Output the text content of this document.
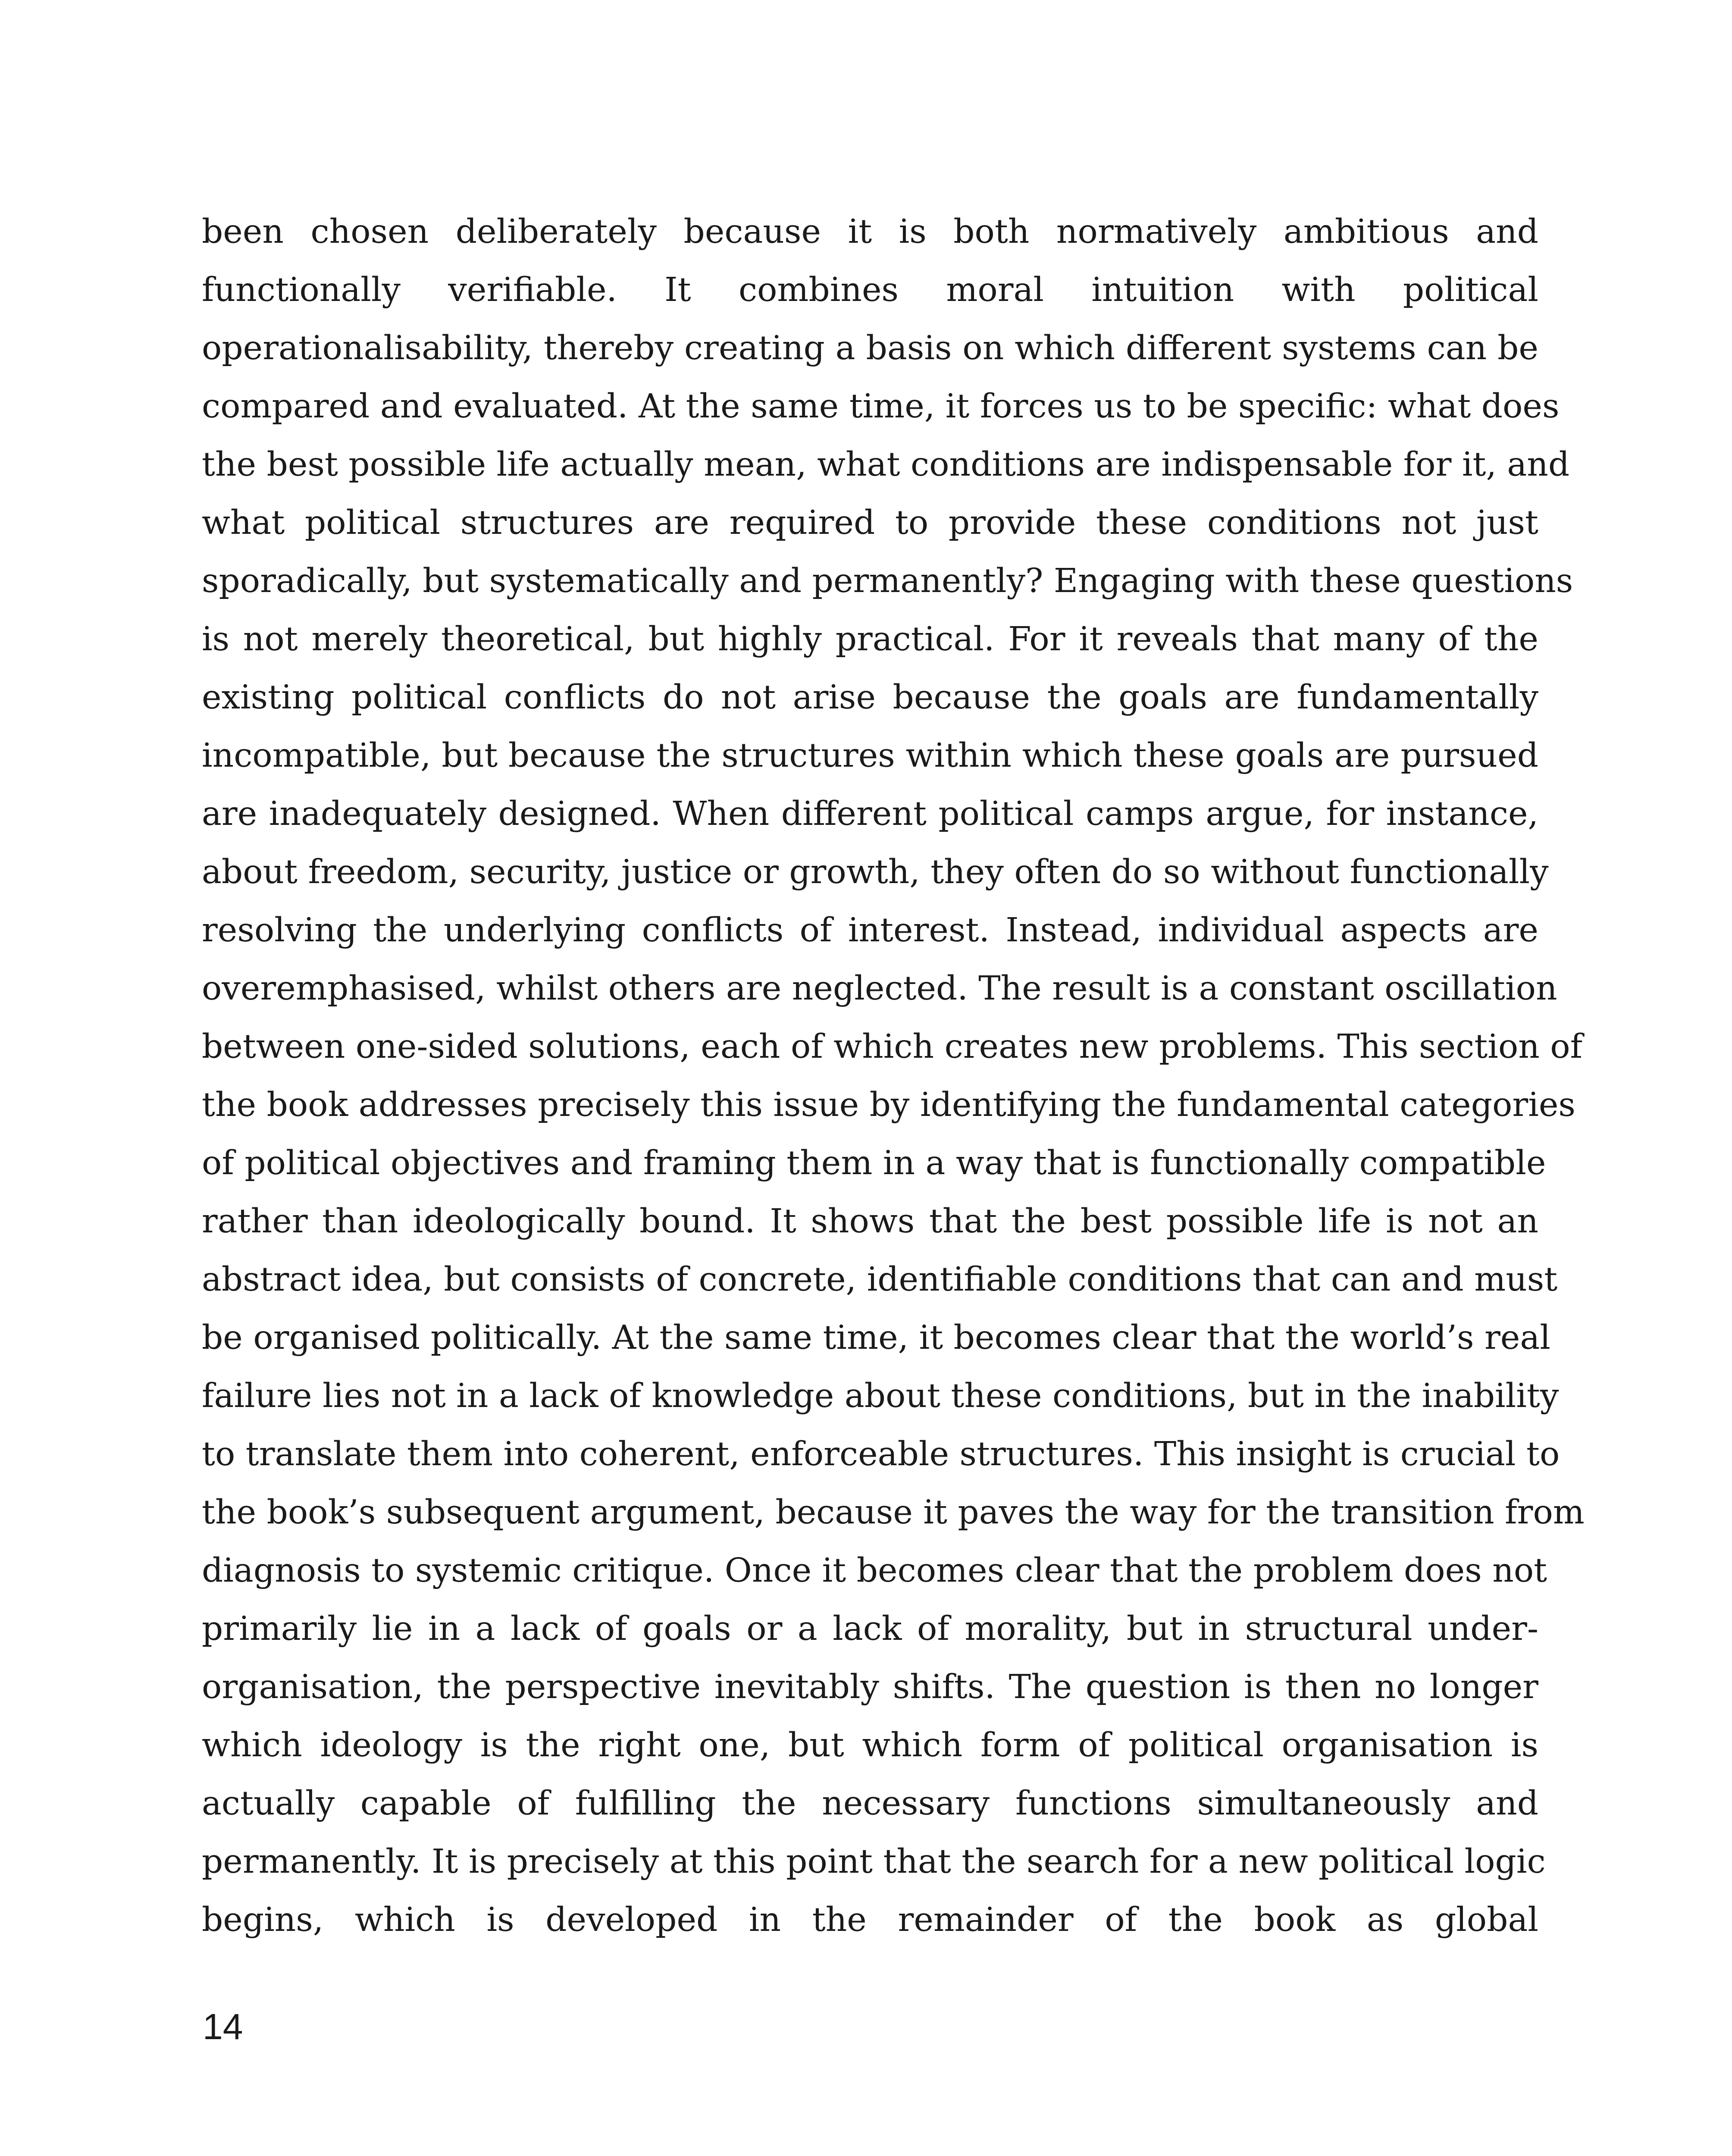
been chosen deliberately because it is both normatively ambitious and
functionally verifiable. It combines moral intuition with political
operationalisability, thereby creating a basis on which different systems can be
compared and evaluated. At the same time, it forces us to be specific: what does
the best possible life actually mean, what conditions are indispensable for it, and
what political structures are required to provide these conditions not just
sporadically, but systematically and permanently? Engaging with these questions
is not merely theoretical, but highly practical. For it reveals that many of the
existing political conflicts do not arise because the goals are fundamentally
incompatible, but because the structures within which these goals are pursued
are inadequately designed. When different political camps argue, for instance,
about freedom, security, justice or growth, they often do so without functionally
resolving the underlying conflicts of interest. Instead, individual aspects are
overemphasised, whilst others are neglected. The result is a constant oscillation
between one-sided solutions, each of which creates new problems. This section of
the book addresses precisely this issue by identifying the fundamental categories
of political objectives and framing them in a way that is functionally compatible
rather than ideologically bound. It shows that the best possible life is not an
abstract idea, but consists of concrete, identifiable conditions that can and must
be organised politically. At the same time, it becomes clear that the world’s real
failure lies not in a lack of knowledge about these conditions, but in the inability
to translate them into coherent, enforceable structures. This insight is crucial to
the book’s subsequent argument, because it paves the way for the transition from
diagnosis to systemic critique. Once it becomes clear that the problem does not
primarily lie in a lack of goals or a lack of morality, but in structural under-
organisation, the perspective inevitably shifts. The question is then no longer
which ideology is the right one, but which form of political organisation is
actually capable of fulfilling the necessary functions simultaneously and
permanently. It is precisely at this point that the search for a new political logic
begins, which is developed in the remainder of the book as global

14
